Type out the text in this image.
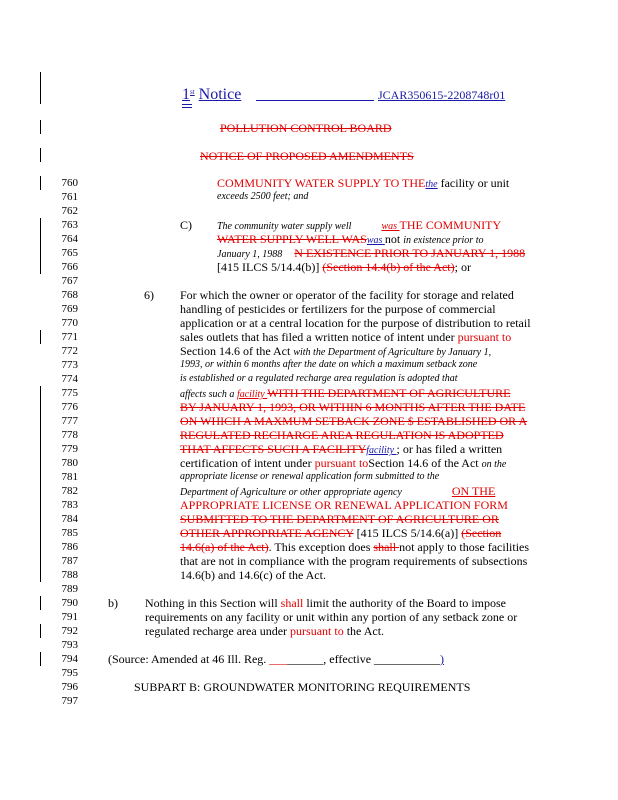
1st Notice	JCAR350615-2208748r01
POLLUTION CONTROL BOARD
NOTICE OF PROPOSED AMENDMENTS
760
761
762
763
764
765
766
767
768
769
770
771
772
773
774
775
776
777
778
779
780
781
782
783
784
785
786
787
788
789
790
791
792
793
794
795
796
797
COMMUNITY WATER SUPPLY TO THEthe facility or unit
exceeds 2500 feet; and
C)	The community water supply well	was THE COMMUNITY
WATER SUPPLY WELL WASwas not in existence prior to
January 1, 1988 N EXISTENCE PRIOR TO JANUARY 1, 1988
[415 ILCS 5/14.4(b)] (Section 14.4(b) of the Act); or
6) For which the owner or operator of the facility for storage and related
handling of pesticides or fertilizers for the purpose of commercial
application or at a central location for the purpose of distribution to retail
sales outlets that has filed a written notice of intent under pursuant to
Section 14.6 of the Act with the Department of Agriculture by January 1,
1993, or within 6 months after the date on which a maximum setback zone
is established or a regulated recharge area regulation is adopted that
affects such a facility WITH THE DEPARTMENT OF AGRICULTURE
BY JANUARY 1, 1993, OR WITHIN 6 MONTHS AFTER THE DATE
ON WHICH A MAXMUM SETBACK ZONE $ ESTABLISHED OR A
REGULATED RECHARGE AREA REGULATION IS ADOPTED
THAT AFFECTS SUCH A FACILITYfacility ; or has filed a written
certification of intent under pursuant toSection 14.6 of the Act on the
appropriate license or renewal application form submitted to the
Department of Agriculture or other appropriate agency	ON THE
APPROPRIATE LICENSE OR RENEWAL APPLICATION FORM
SUBMITTED TO THE DEPARTMENT OF AGRICULTURE OR
OTHER APPROPRIATE AGENCY [415 ILCS 5/14.6(a)] (Section
14.6(a) of the Act). This exception does shall not apply to those facilities
that are not in compliance with the program requirements of subsections
14.6(b) and 14.6(c) of the Act.
b) Nothing in this Section will shall limit the authority of the Board to impose
requirements on any facility or unit within any portion of any setback zone or
regulated recharge area under pursuant to the Act.
(Source: Amended at 46 Ill. Reg. _________, effective ___________)
SUBPART B: GROUNDWATER MONITORING REQUIREMENTS
